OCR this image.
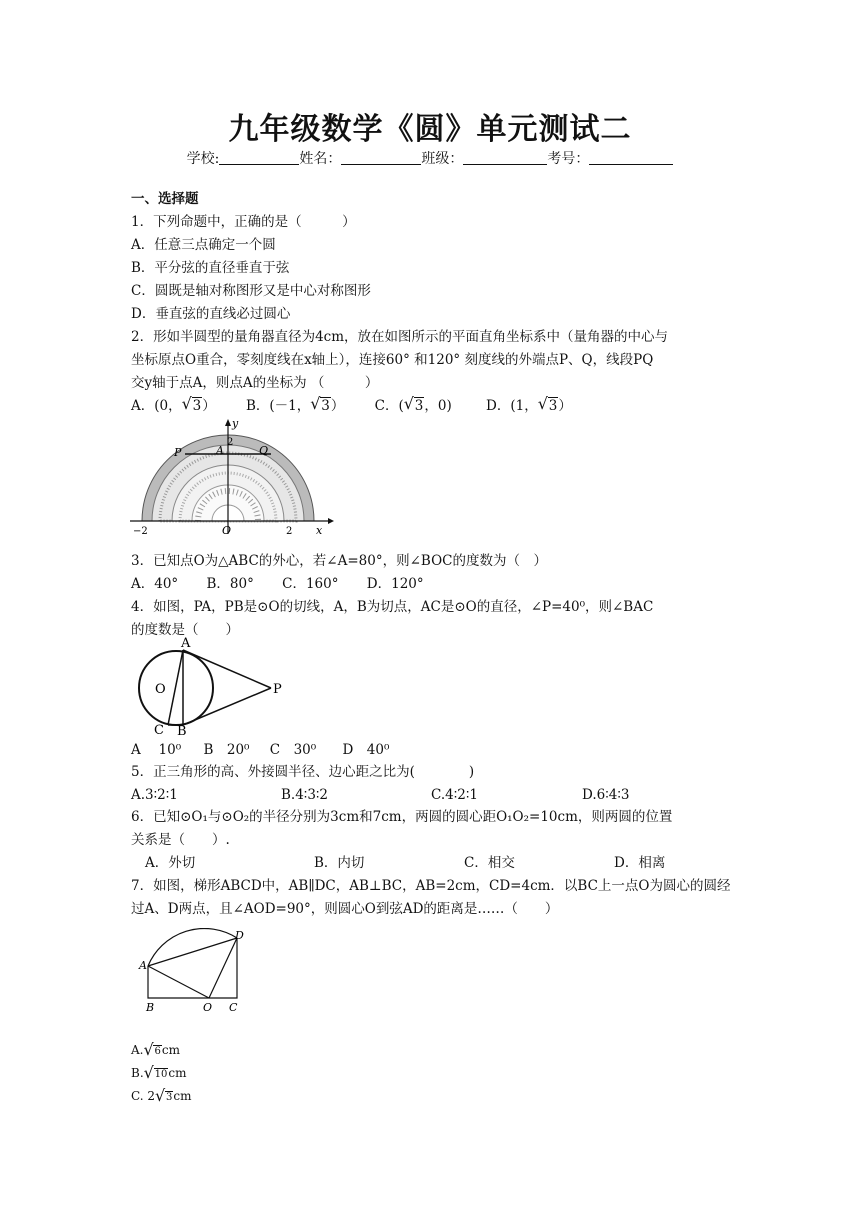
九年级数学《圆》单元测试二
学校:	姓名：	班级：	考号：
一、选择题
1．下列命题中，正确的是（　　　）
A．任意三点确定一个圆
B．平分弦的直径垂直于弦
C．圆既是轴对称图形又是中心对称图形
D．垂直弦的直线必过圆心
2．形如半圆型的量角器直径为4cm，放在如图所示的平面直角坐标系中（量角器的中心与
坐标原点O重合，零刻度线在x轴上），连接60° 和120° 刻度线的外端点P、Q，线段PQ
交y轴于点A，则点A的坐标为 （　　　）
A．(0， √ 3） B．(－1， √ 3） C．( √ 3，0)	D．(1， √ 3）
y
2
P	A	Q
−2	O	2 x
3．已知点O为△ABC的外心，若∠A=80°，则∠BOC的度数为（　）
A．40° B．80° C．160° D．120°
4．如图，PA，PB是⊙O的切线，A，B为切点，AC是⊙O的直径，∠P=40⁰，则∠BAC
的度数是（　　）
A
O	P
C B
A　 10⁰ B　20⁰ C　30⁰ D　40⁰
5．正三角形的高、外接圆半径、边心距之比为(　　　　)
A.3∶2∶1	B.4∶3∶2	C.4∶2∶1	D.6∶4∶3
6．已知⊙O₁与⊙O₂的半径分别为3cm和7cm，两圆的圆心距O₁O₂=10cm，则两圆的位置
关系是（　　）.
A．外切	B．内切	C．相交	D．相离
7．如图，梯形ABCD中，AB∥DC，AB⊥BC，AB=2cm，CD=4cm．以BC上一点O为圆心的圆经
过A、D两点，且∠AOD=90°，则圆心O到弦AD的距离是……（　　）
D
A
B	O C
A. √ 6cm
B. √ 10cm
C. 2 √ 3cm
